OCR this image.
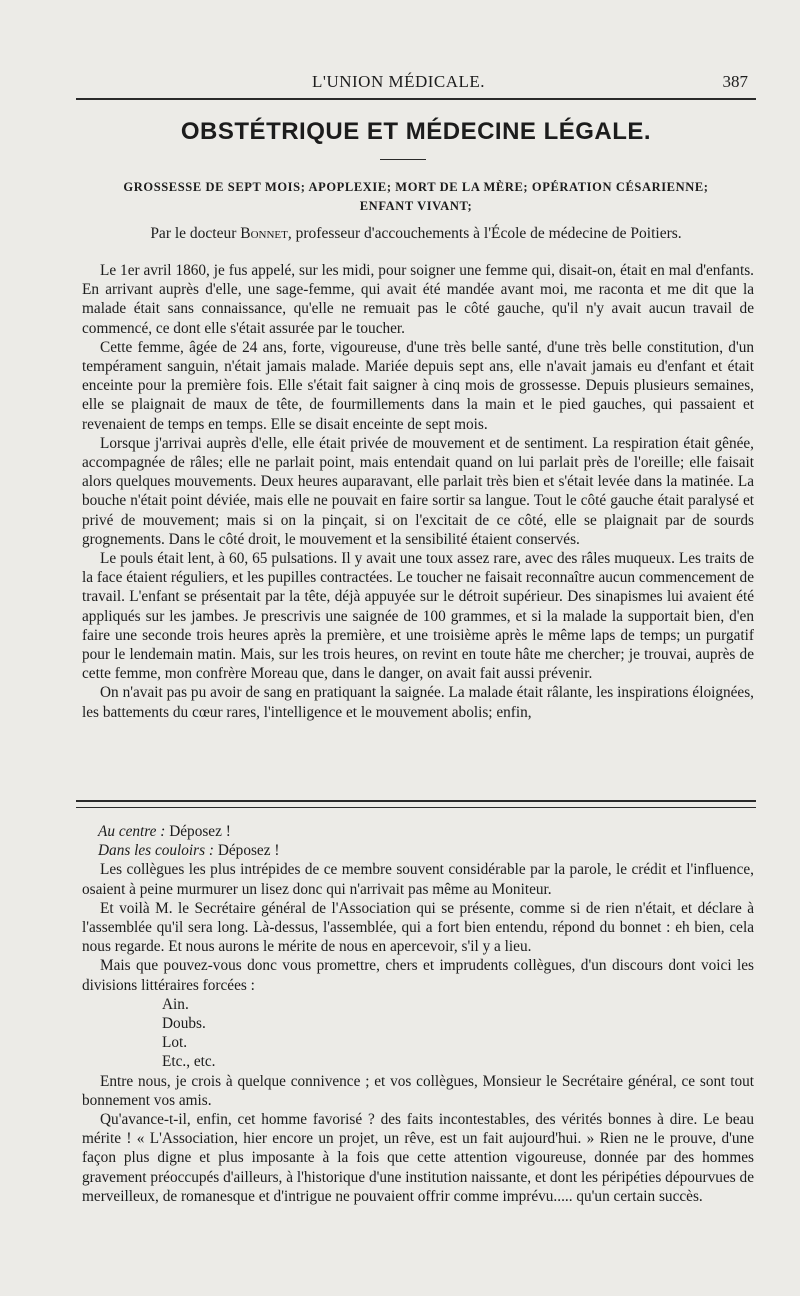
L'UNION MÉDICALE.	387
OBSTÉTRIQUE ET MÉDECINE LÉGALE.
GROSSESSE DE SEPT MOIS; APOPLEXIE; MORT DE LA MÈRE; OPÉRATION CÉSARIENNE;
ENFANT VIVANT;
Par le docteur Bonnet, professeur d'accouchements à l'École de médecine de Poitiers.

Le 1er avril 1860, je fus appelé, sur les midi, pour soigner une femme qui, disait-on, était en mal d'enfants. En arrivant auprès d'elle, une sage-femme, qui avait été mandée avant moi, me raconta et me dit que la malade était sans connaissance, qu'elle ne remuait pas le côté gauche, qu'il n'y avait aucun travail de commencé, ce dont elle s'était assurée par le toucher.

Cette femme, âgée de 24 ans, forte, vigoureuse, d'une très belle santé, d'une très belle constitution, d'un tempérament sanguin, n'était jamais malade. Mariée depuis sept ans, elle n'avait jamais eu d'enfant et était enceinte pour la première fois. Elle s'était fait saigner à cinq mois de grossesse. Depuis plusieurs semaines, elle se plaignait de maux de tête, de fourmillements dans la main et le pied gauches, qui passaient et revenaient de temps en temps. Elle se disait enceinte de sept mois.

Lorsque j'arrivai auprès d'elle, elle était privée de mouvement et de sentiment. La respiration était gênée, accompagnée de râles; elle ne parlait point, mais entendait quand on lui parlait près de l'oreille; elle faisait alors quelques mouvements. Deux heures auparavant, elle parlait très bien et s'était levée dans la matinée. La bouche n'était point déviée, mais elle ne pouvait en faire sortir sa langue. Tout le côté gauche était paralysé et privé de mouvement; mais si on la pinçait, si on l'excitait de ce côté, elle se plaignait par de sourds grognements. Dans le côté droit, le mouvement et la sensibilité étaient conservés.

Le pouls était lent, à 60, 65 pulsations. Il y avait une toux assez rare, avec des râles muqueux. Les traits de la face étaient réguliers, et les pupilles contractées. Le toucher ne faisait reconnaître aucun commencement de travail. L'enfant se présentait par la tête, déjà appuyée sur le détroit supérieur. Des sinapismes lui avaient été appliqués sur les jambes. Je prescrivis une saignée de 100 grammes, et si la malade la supportait bien, d'en faire une seconde trois heures après la première, et une troisième après le même laps de temps; un purgatif pour le lendemain matin. Mais, sur les trois heures, on revint en toute hâte me chercher; je trouvai, auprès de cette femme, mon confrère Moreau que, dans le danger, on avait fait aussi prévenir.

On n'avait pas pu avoir de sang en pratiquant la saignée. La malade était râlante, les inspirations éloignées, les battements du cœur rares, l'intelligence et le mouvement abolis; enfin,

Au centre : Déposez !

Dans les couloirs : Déposez !

Les collègues les plus intrépides de ce membre souvent considérable par la parole, le crédit et l'influence, osaient à peine murmurer un lisez donc qui n'arrivait pas même au Moniteur.

Et voilà M. le Secrétaire général de l'Association qui se présente, comme si de rien n'était, et déclare à l'assemblée qu'il sera long. Là-dessus, l'assemblée, qui a fort bien entendu, répond du bonnet : eh bien, cela nous regarde. Et nous aurons le mérite de nous en apercevoir, s'il y a lieu.

Mais que pouvez-vous donc vous promettre, chers et imprudents collègues, d'un discours dont voici les divisions littéraires forcées :

Ain.
Doubs.
Lot.
Etc., etc.

Entre nous, je crois à quelque connivence ; et vos collègues, Monsieur le Secrétaire général, ce sont tout bonnement vos amis.

Qu'avance-t-il, enfin, cet homme favorisé ? des faits incontestables, des vérités bonnes à dire. Le beau mérite ! « L'Association, hier encore un projet, un rêve, est un fait aujourd'hui. » Rien ne le prouve, d'une façon plus digne et plus imposante à la fois que cette attention vigoureuse, donnée par des hommes gravement préoccupés d'ailleurs, à l'historique d'une institution naissante, et dont les péripéties dépourvues de merveilleux, de romanesque et d'intrigue ne pouvaient offrir comme imprévu..... qu'un certain succès.
